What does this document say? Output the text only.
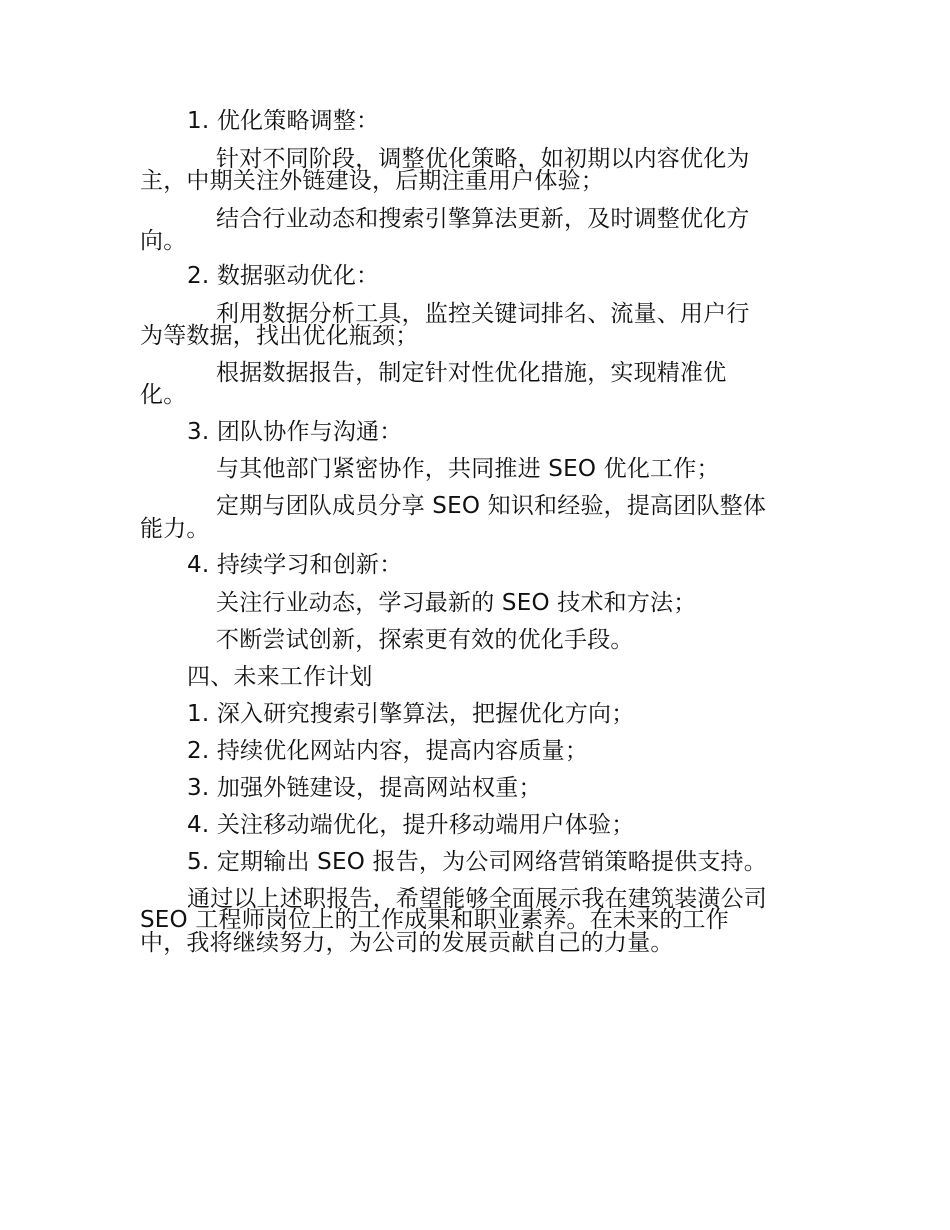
1. 优化策略调整：
针对不同阶段，调整优化策略，如初期以内容优化为
主，中期关注外链建设，后期注重用户体验；
结合行业动态和搜索引擎算法更新，及时调整优化方
向。
2. 数据驱动优化：
利用数据分析工具，监控关键词排名、流量、用户行
为等数据，找出优化瓶颈；
根据数据报告，制定针对性优化措施，实现精准优
化。
3. 团队协作与沟通：
与其他部门紧密协作，共同推进 SEO 优化工作；
定期与团队成员分享 SEO 知识和经验，提高团队整体
能力。
4. 持续学习和创新：
关注行业动态，学习最新的 SEO 技术和方法；
不断尝试创新，探索更有效的优化手段。
四、未来工作计划
1. 深入研究搜索引擎算法，把握优化方向；
2. 持续优化网站内容，提高内容质量；
3. 加强外链建设，提高网站权重；
4. 关注移动端优化，提升移动端用户体验；
5. 定期输出 SEO 报告，为公司网络营销策略提供支持。
通过以上述职报告，希望能够全面展示我在建筑装潢公司
SEO 工程师岗位上的工作成果和职业素养。在未来的工作
中，我将继续努力，为公司的发展贡献自己的力量。
